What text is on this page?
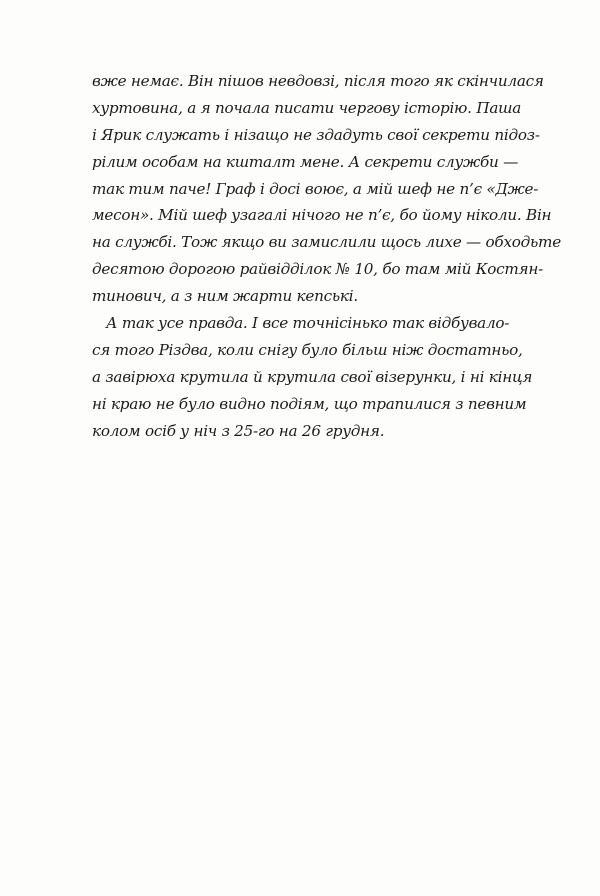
вже немає. Він пішов невдовзі, після того як скінчилася
хуртовина, а я почала писати чергову історію. Паша
і Ярик служать і нізащо не здадуть свої секрети підоз-
рілим особам на кшталт мене. А секрети служби —
так тим паче! Граф і досі воює, а мій шеф не п’є «Дже-
месон». Мій шеф узагалі нічого не п’є, бо йому ніколи. Він
на службі. Тож якщо ви замислили щось лихе — обходьте
десятою дорогою райвідділок № 10, бо там мій Костян-
тинович, а з ним жарти кепські.
А так усе правда. І все точнісінько так відбувало-
ся того Різдва, коли снігу було більш ніж достатньо,
а завірюха крутила й крутила свої візерунки, і ні кінця
ні краю не було видно подіям, що трапилися з певним
колом осіб у ніч з 25-го на 26 грудня.
